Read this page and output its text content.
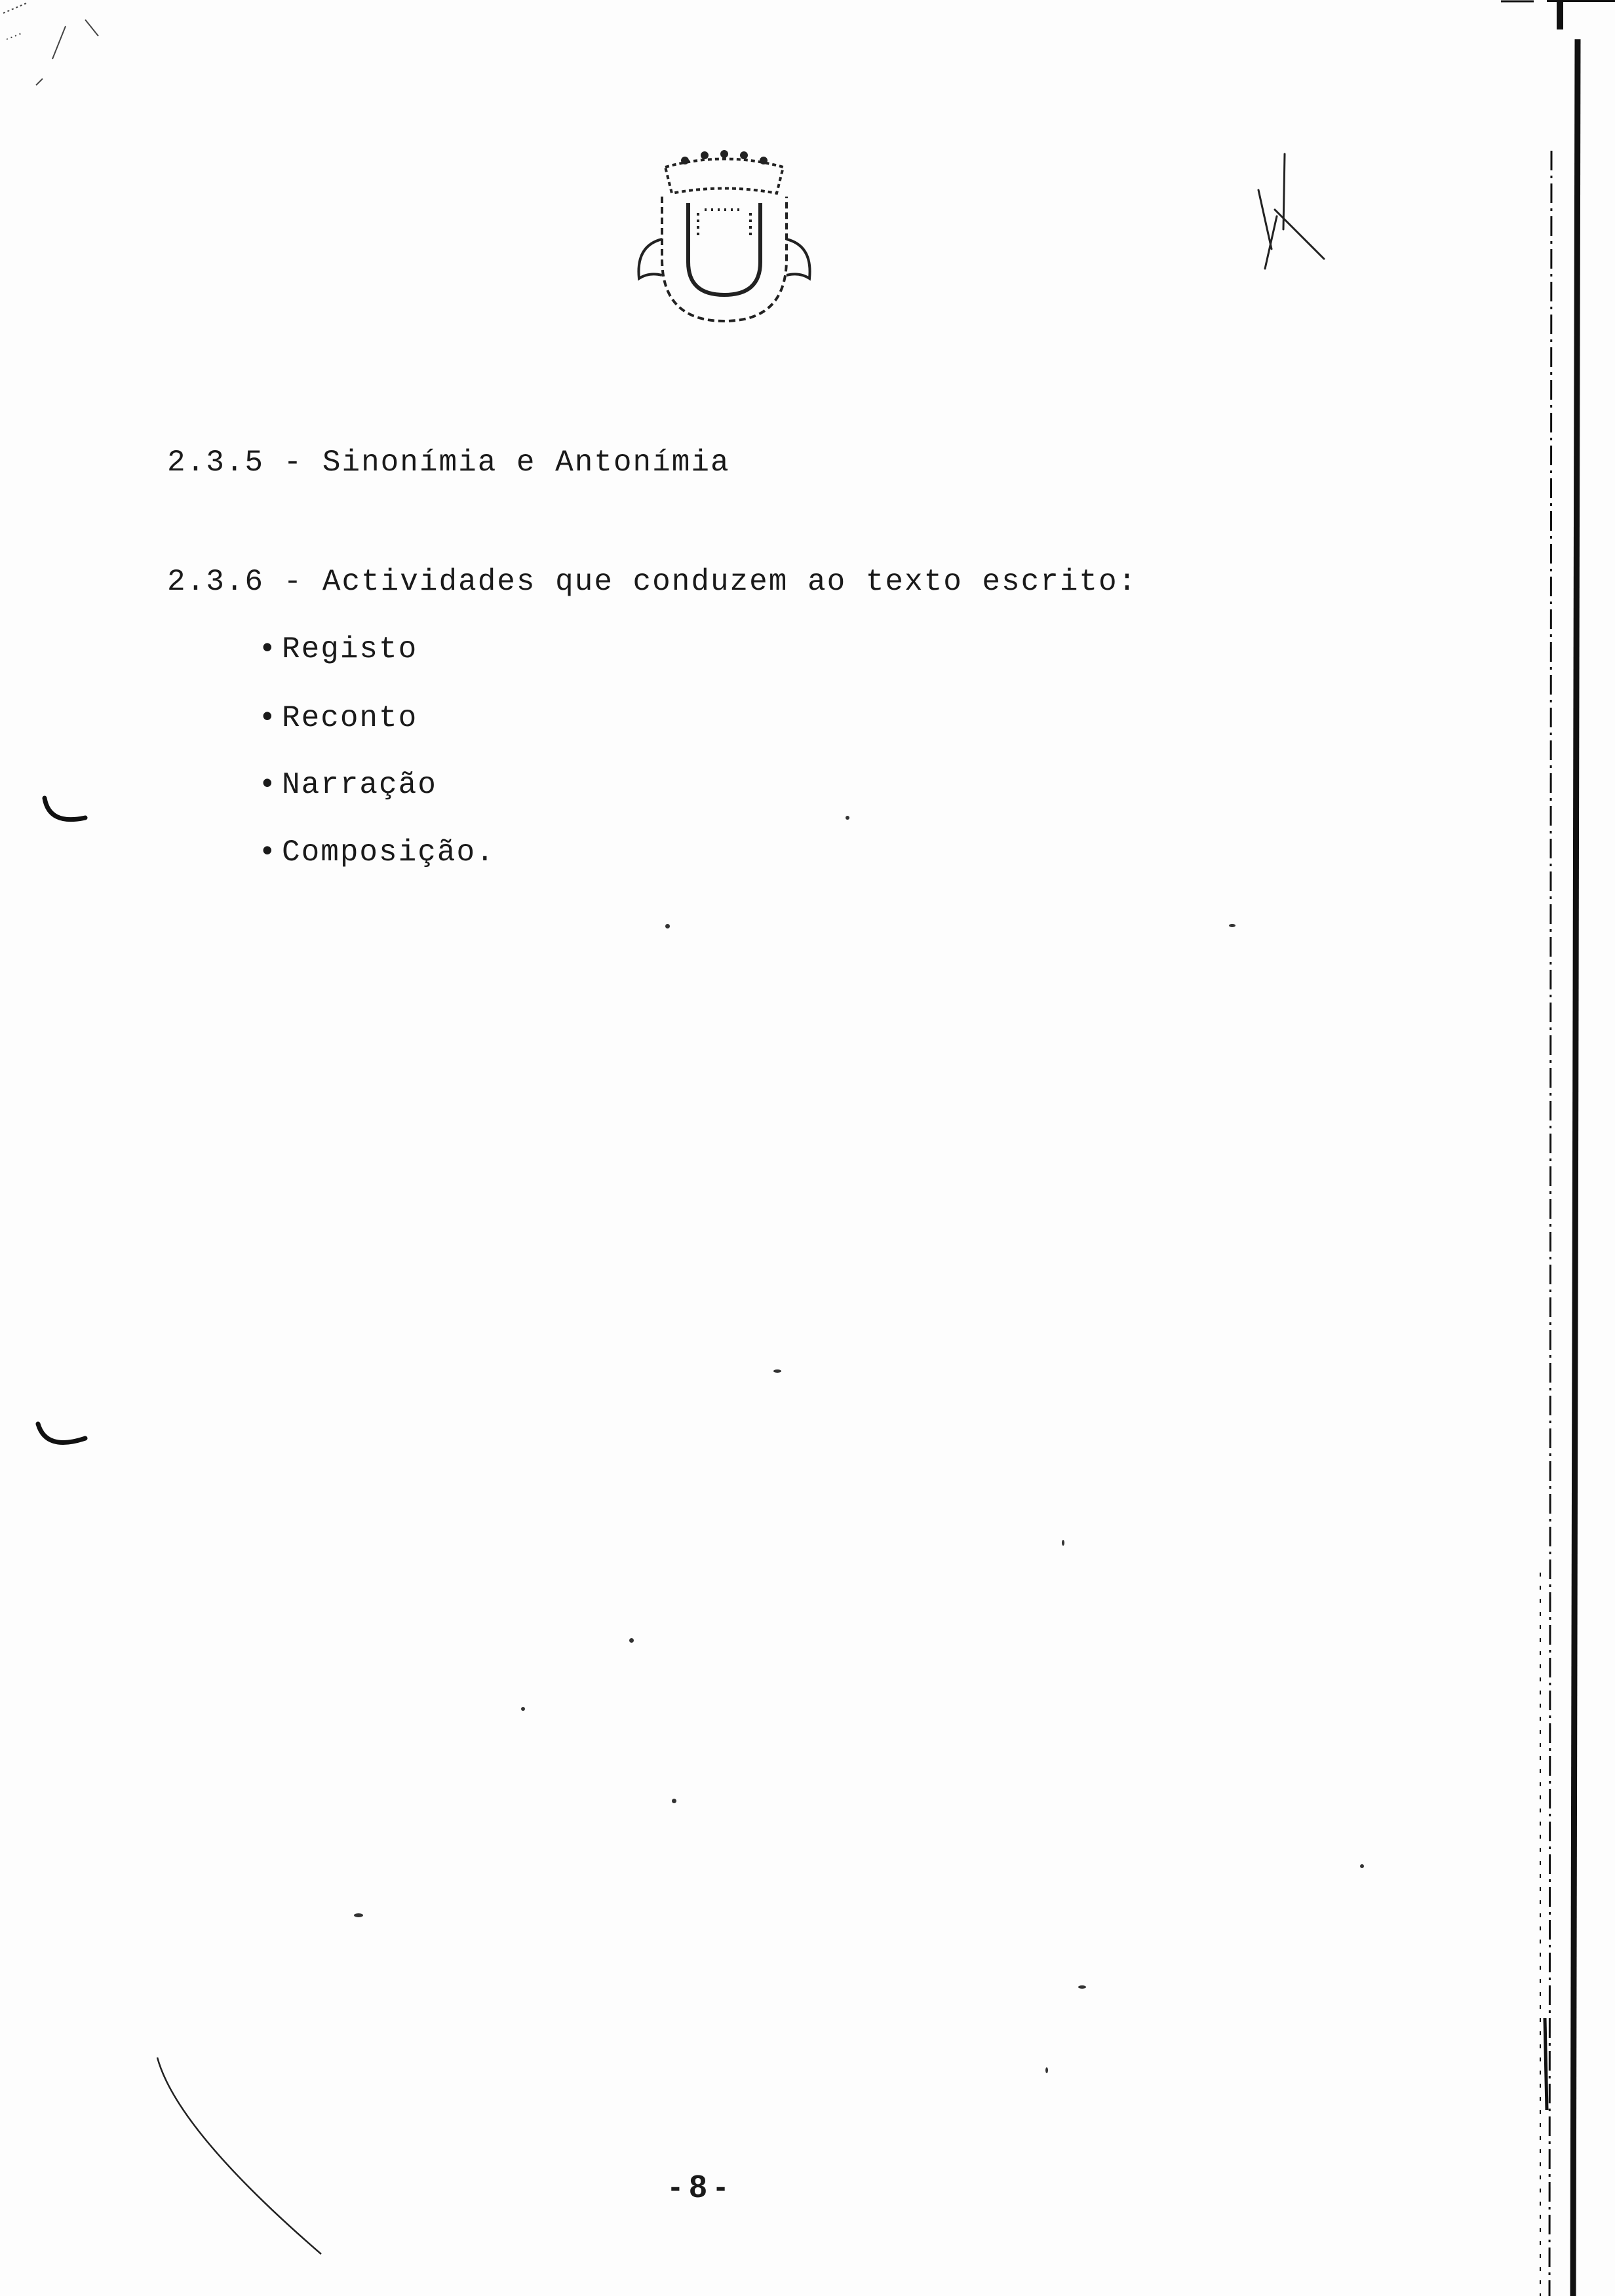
2.3.5 - Sinonímia e Antonímia
2.3.6 - Actividades que conduzem ao texto escrito:
• Registo
• Reconto
• Narração
• Composição.
- 8 -
